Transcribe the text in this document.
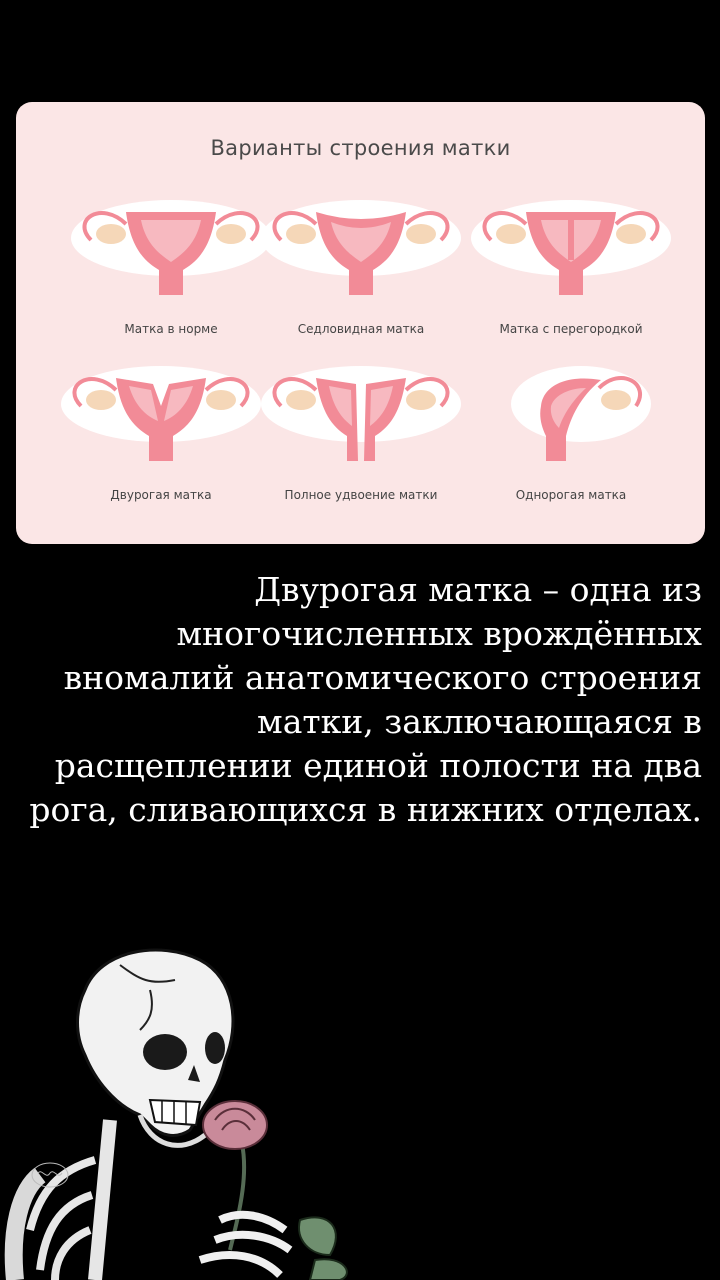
Варианты строения матки
Матка в норме	Седловидная матка	Матка с перегородкой
Двурогая матка	Полное удвоение матки	Однорогая матка
Двурогая матка – одна из
многочисленных врождённых
вномалий анатомического строения
матки, заключающаяся в
расщеплении единой полости на два
рога, сливающихся в нижних отделах.
